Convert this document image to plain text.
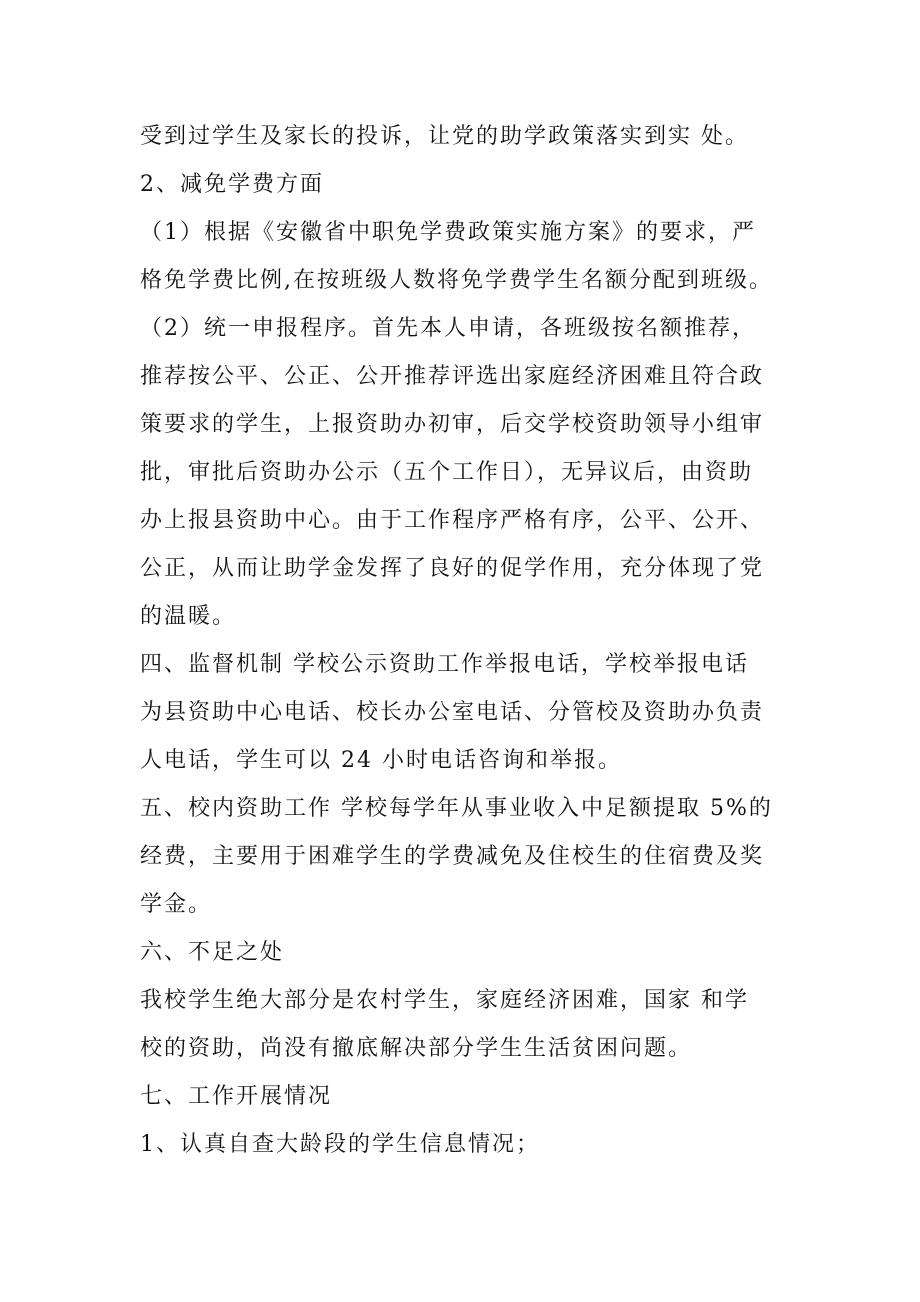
受到过学生及家长的投诉，让党的助学政策落实到实 处。

2、减免学费方面

（1）根据《安徽省中职免学费政策实施方案》的要求，严

格免学费比例,在按班级人数将免学费学生名额分配到班级。

（2）统一申报程序。首先本人申请，各班级按名额推荐，

推荐按公平、公正、公开推荐评选出家庭经济困难且符合政

策要求的学生，上报资助办初审，后交学校资助领导小组审

批，审批后资助办公示（五个工作日），无异议后，由资助

办上报县资助中心。由于工作程序严格有序，公平、公开、

公正，从而让助学金发挥了良好的促学作用，充分体现了党

的温暖。

四、监督机制 学校公示资助工作举报电话，学校举报电话

为县资助中心电话、校长办公室电话、分管校及资助办负责

人电话，学生可以 24 小时电话咨询和举报。

五、校内资助工作 学校每学年从事业收入中足额提取 5%的

经费，主要用于困难学生的学费减免及住校生的住宿费及奖

学金。

六、不足之处

我校学生绝大部分是农村学生，家庭经济困难，国家 和学

校的资助，尚没有撤底解决部分学生生活贫困问题。

七、工作开展情况

1、认真自查大龄段的学生信息情况；
